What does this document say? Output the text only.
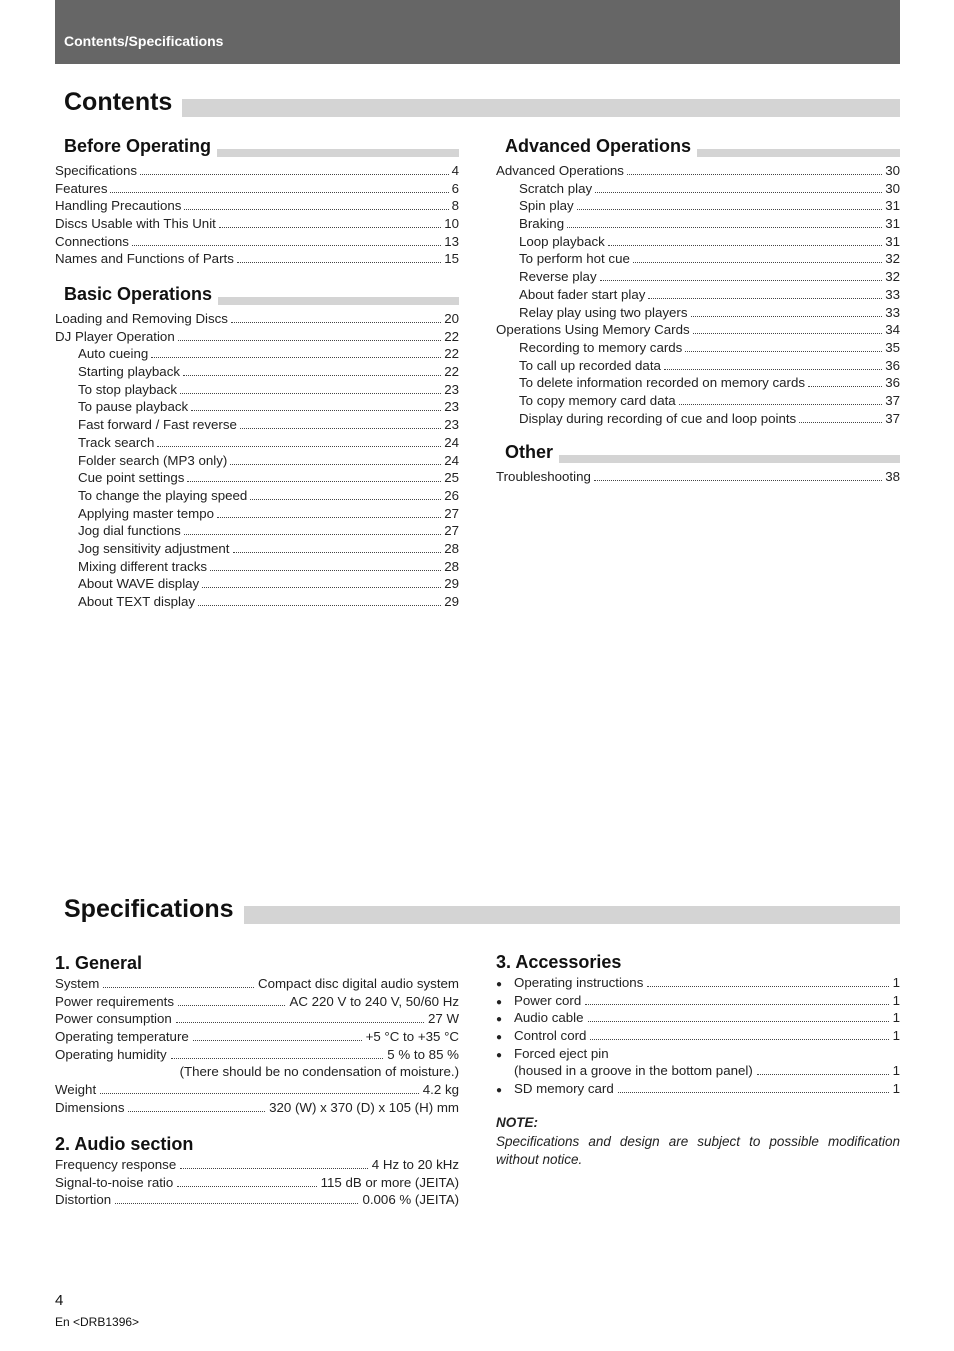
Contents/Specifications
Contents
Before Operating
Specifications	4
Features	6
Handling Precautions	8
Discs Usable with This Unit	10
Connections	13
Names and Functions of Parts	15
Basic Operations
Loading and Removing Discs	20
DJ Player Operation	22
Auto cueing	22
Starting playback	22
To stop playback	23
To pause playback	23
Fast forward / Fast reverse	23
Track search	24
Folder search (MP3 only)	24
Cue point settings	25
To change the playing speed	26
Applying master tempo	27
Jog dial functions	27
Jog sensitivity adjustment	28
Mixing different tracks	28
About WAVE display	29
About TEXT display	29
Advanced Operations
Advanced Operations	30
Scratch play	30
Spin play	31
Braking	31
Loop playback	31
To perform hot cue	32
Reverse play	32
About fader start play	33
Relay play using two players	33
Operations Using Memory Cards	34
Recording to memory cards	35
To call up recorded data	36
To delete information recorded on memory cards	36
To copy memory card data	37
Display during recording of cue and loop points	37
Other
Troubleshooting	38
Specifications
1. General
System	Compact disc digital audio system
Power requirements	AC 220 V to 240 V, 50/60 Hz
Power consumption	27 W
Operating temperature	+5 °C to +35 °C
Operating humidity	5 % to 85 %
(There should be no condensation of moisture.)
Weight	4.2 kg
Dimensions	320 (W) x 370 (D) x 105 (H) mm
2. Audio section
Frequency response	4 Hz to 20 kHz
Signal-to-noise ratio	115 dB or more (JEITA)
Distortion	0.006 % (JEITA)
3. Accessories
● Operating instructions	1
● Power cord	1
● Audio cable	1
● Control cord	1
● Forced eject pin
(housed in a groove in the bottom panel)	1
● SD memory card	1
NOTE:
Specifications and design are subject to possible modification without notice.
4
En <DRB1396>
